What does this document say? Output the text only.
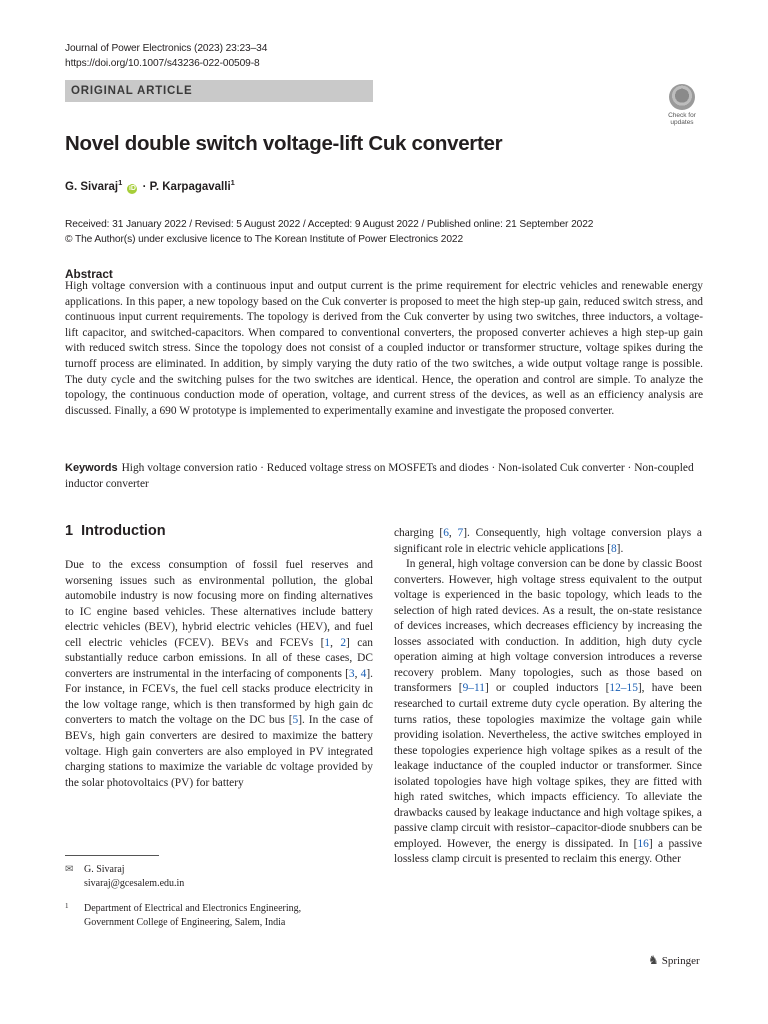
Journal of Power Electronics (2023) 23:23–34
https://doi.org/10.1007/s43236-022-00509-8
ORIGINAL ARTICLE
Check for
updates
Novel double switch voltage-lift Cuk converter
G. Sivaraj$^1$ iD · P. Karpagavalli$^1$
Received: 31 January 2022 / Revised: 5 August 2022 / Accepted: 9 August 2022 / Published online: 21 September 2022
© The Author(s) under exclusive licence to The Korean Institute of Power Electronics 2022
Abstract
High voltage conversion with a continuous input and output current is the prime requirement for electric vehicles and renewable energy applications. In this paper, a new topology based on the Cuk converter is proposed to meet the high step-up gain, reduced switch stress, and continuous input current requirements. The topology is derived from the Cuk converter by using two switches, three inductors, a voltage-lift capacitor, and switched-capacitors. When compared to conventional converters, the proposed converter achieves a high step-up gain with reduced switch stress. Since the topology does not consist of a coupled inductor or transformer structure, voltage spikes during the turnoff process are eliminated. In addition, by simply varying the duty ratio of the two switches, a wide output voltage range is possible. The duty cycle and the switching pulses for the two switches are identical. Hence, the operation and control are simple. To analyze the topology, the continuous conduction mode of operation, voltage, and current stress of the devices, as well as an efficiency analysis are discussed. Finally, a 690 W prototype is implemented to experimentally examine and investigate the proposed converter.
Keywords High voltage conversion ratio · Reduced voltage stress on MOSFETs and diodes · Non-isolated Cuk converter · Non-coupled inductor converter
1 Introduction

Due to the excess consumption of fossil fuel reserves and worsening issues such as environmental pollution, the global automobile industry is now focusing more on finding alternatives to IC engine based vehicles. These alternatives include battery electric vehicles (BEV), hybrid electric vehicles (HEV), and fuel cell electric vehicles (FCEV). BEVs and FCEVs [1, 2] can substantially reduce carbon emissions. In all of these cases, DC converters are instrumental in the interfacing of components [3, 4]. For instance, in FCEVs, the fuel cell stacks produce electricity in the low voltage range, which is then transformed by high gain dc converters to match the voltage on the DC bus [5]. In the case of BEVs, high gain converters are desired to maximize the battery voltage. High gain converters are also employed in PV integrated charging stations to maximize the variable dc voltage provided by the solar photovoltaics (PV) for battery

charging [6, 7]. Consequently, high voltage conversion plays a significant role in electric vehicle applications [8].

In general, high voltage conversion can be done by classic Boost converters. However, high voltage stress equivalent to the output voltage is experienced in the basic topology, which leads to the selection of high rated devices. As a result, the on-state resistance of devices increases, which decreases efficiency by increasing the losses associated with conduction. In addition, high duty cycle operation aiming at high voltage conversion introduces a reverse recovery problem. Many topologies, such as those based on transformers [9–11] or coupled inductors [12–15], have been researched to curtail extreme duty cycle operation. By altering the turns ratios, these topologies maximize the voltage gain while providing isolation. Nevertheless, the active switches employed in these topologies experience high voltage spikes as a result of the leakage inductance of the coupled inductor or transformer. Since isolated topologies have high voltage spikes, they are fitted with high rated switches, which impacts efficiency. To alleviate the drawbacks caused by leakage inductance and high voltage spikes, a passive clamp circuit with resistor–capacitor-diode snubbers can be employed. However, the energy is dissipated. In [16] a passive lossless clamp circuit is presented to reclaim this energy. Other

✉ G. Sivaraj
sivaraj@gcesalem.edu.in
1	Department of Electrical and Electronics Engineering,
Government College of Engineering, Salem, India
♞ Springer
